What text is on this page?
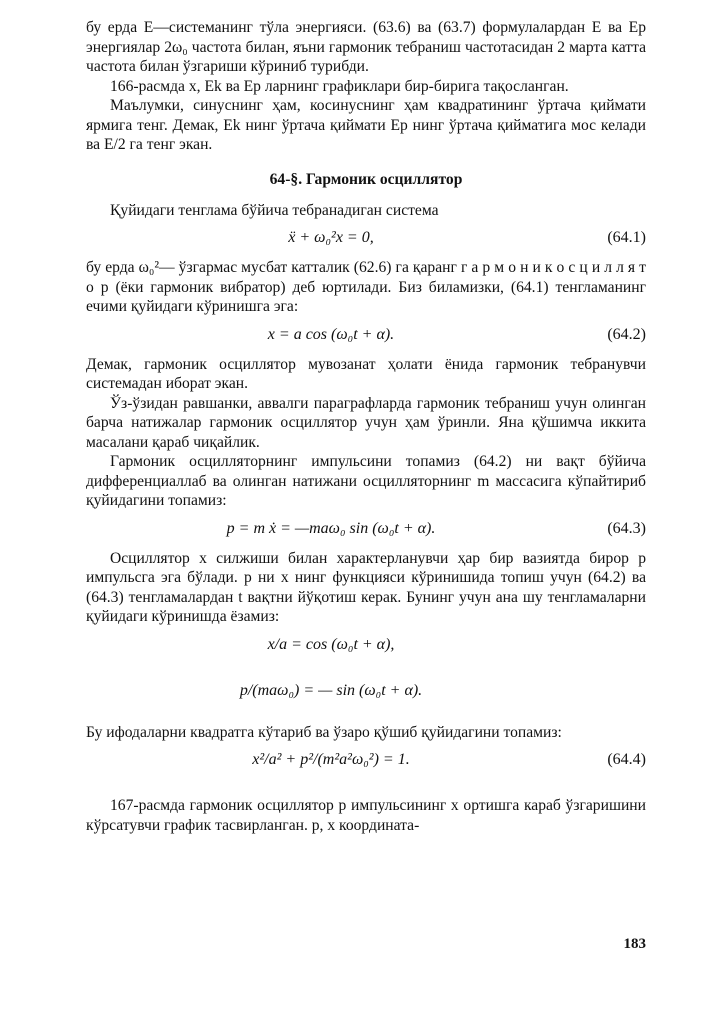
бу ерда E—системанинг тўла энергияси. (63.6) ва (63.7) формулалардан E ва Ep энергиялар 2ω₀ частота билан, яъни гармоник тебраниш частотасидан 2 марта катта частота билан ўзгариши кўриниб турибди.

166-расмда x, Ek ва Ep ларнинг графиклари бир-бирига тақосланган.

Маълумки, синуснинг ҳам, косинуснинг ҳам квадратининг ўртача қиймати ярмига тенг. Демак, Ek нинг ўртача қиймати Ep нинг ўртача қийматига мос келади ва E/2 га тенг экан.

64-§. Гармоник осциллятор

Қуйидаги тенглама бўйича тебранадиган система

ẍ + ω₀²x = 0,	(64.1)

бу ерда ω₀²— ўзгармас мусбат катталик (62.6) га қаранг г а р м о н и к о с ц и л л я т о р (ёки гармоник вибратор) деб юртилади. Биз биламизки, (64.1) тенгламанинг ечими қуйидаги кўринишга эга:

x = a cos (ω₀t + α).	(64.2)

Демак, гармоник осциллятор мувозанат ҳолати ёнида гармоник тебранувчи системадан иборат экан.

Ўз-ўзидан равшанки, аввалги параграфларда гармоник тебраниш учун олинган барча натижалар гармоник осциллятор учун ҳам ўринли. Яна қўшимча иккита масалани қараб чиқайлик.

Гармоник осцилляторнинг импульсини топамиз (64.2) ни вақт бўйича дифференциаллаб ва олинган натижани осцилляторнинг m массасига кўпайтириб қуйидагини топамиз:

p = m ẋ = —maω₀ sin (ω₀t + α).	(64.3)

Осциллятор x силжиши билан характерланувчи ҳар бир вазиятда бирор p импульсга эга бўлади. p ни x нинг функцияси кўринишида топиш учун (64.2) ва (64.3) тенгламалардан t вақтни йўқотиш керак. Бунинг учун ана шу тенгламаларни қуйидаги кўринишда ёзамиз:

x/a = cos (ω₀t + α),
p/(maω₀) = — sin (ω₀t + α).

Бу ифодаларни квадратга кўтариб ва ўзаро қўшиб қуйидагини топамиз:

x²/a² + p²/(m²a²ω₀²) = 1.	(64.4)

167-расмда гармоник осциллятор p импульсининг x ортишга караб ўзгаришини кўрсатувчи график тасвирланган. p, x координата-

183
